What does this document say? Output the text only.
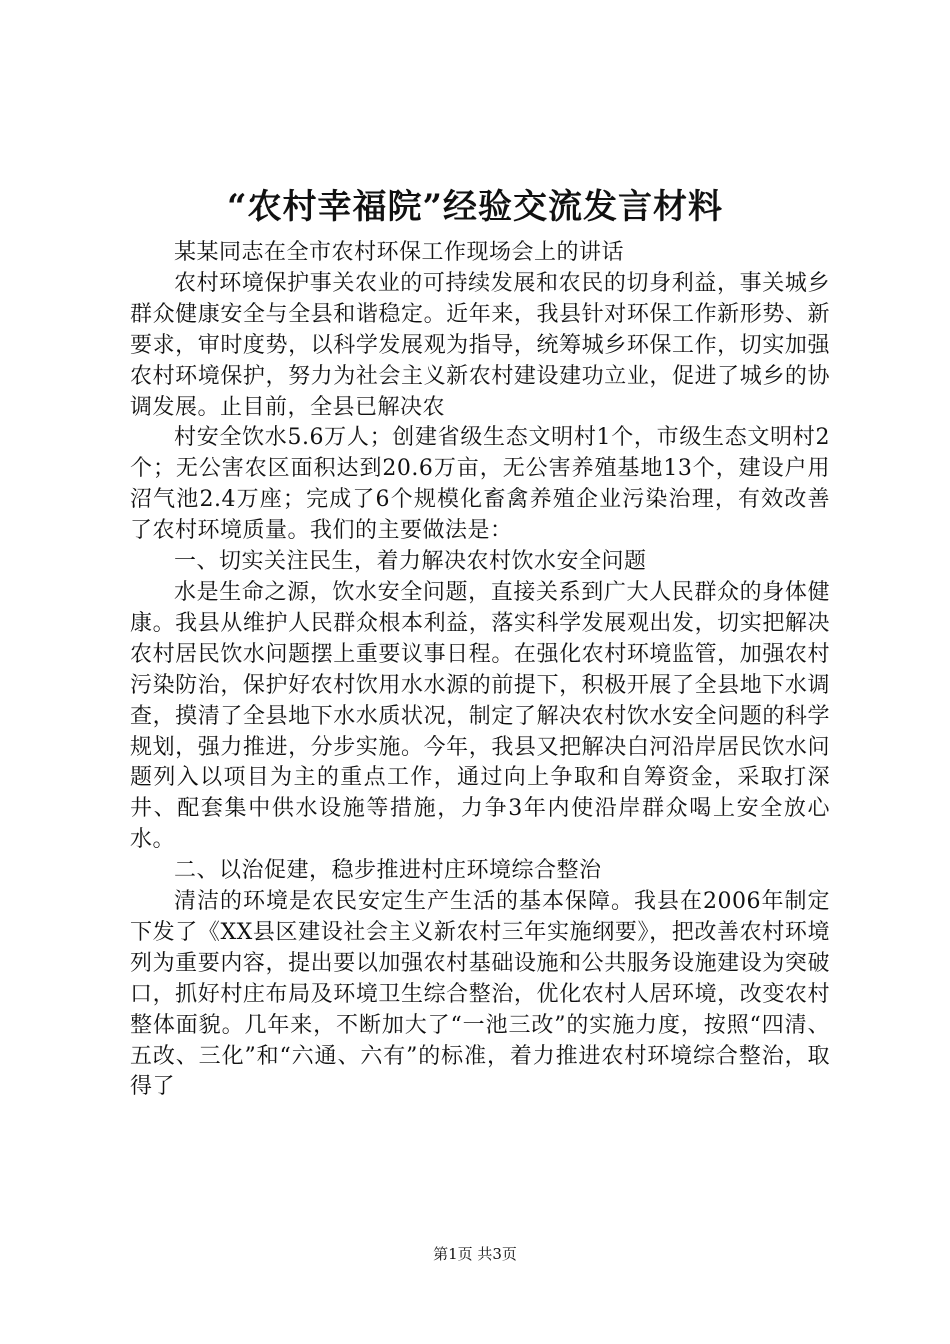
“农村幸福院”经验交流发言材料

某某同志在全市农村环保工作现场会上的讲话

农村环境保护事关农业的可持续发展和农民的切身利益，事关城乡群众健康安全与全县和谐稳定。近年来，我县针对环保工作新形势、新要求，审时度势，以科学发展观为指导，统筹城乡环保工作，切实加强农村环境保护，努力为社会主义新农村建设建功立业，促进了城乡的协调发展。止目前，全县已解决农

村安全饮水5.6万人；创建省级生态文明村1个，市级生态文明村2个；无公害农区面积达到20.6万亩，无公害养殖基地13个，建设户用沼气池2.4万座；完成了6个规模化畜禽养殖企业污染治理，有效改善了农村环境质量。我们的主要做法是：

一、切实关注民生，着力解决农村饮水安全问题

水是生命之源，饮水安全问题，直接关系到广大人民群众的身体健康。我县从维护人民群众根本利益，落实科学发展观出发，切实把解决农村居民饮水问题摆上重要议事日程。在强化农村环境监管，加强农村污染防治，保护好农村饮用水水源的前提下，积极开展了全县地下水调查，摸清了全县地下水水质状况，制定了解决农村饮水安全问题的科学规划，强力推进，分步实施。今年，我县又把解决白河沿岸居民饮水问题列入以项目为主的重点工作，通过向上争取和自筹资金，采取打深井、配套集中供水设施等措施，力争3年内使沿岸群众喝上安全放心水。

二、以治促建，稳步推进村庄环境综合整治

清洁的环境是农民安定生产生活的基本保障。我县在2006年制定下发了《XX县区建设社会主义新农村三年实施纲要》，把改善农村环境列为重要内容，提出要以加强农村基础设施和公共服务设施建设为突破口，抓好村庄布局及环境卫生综合整治，优化农村人居环境，改变农村整体面貌。几年来，不断加大了“一池三改”的实施力度，按照“四清、五改、三化”和“六通、六有”的标准，着力推进农村环境综合整治，取得了

第1页 共3页
